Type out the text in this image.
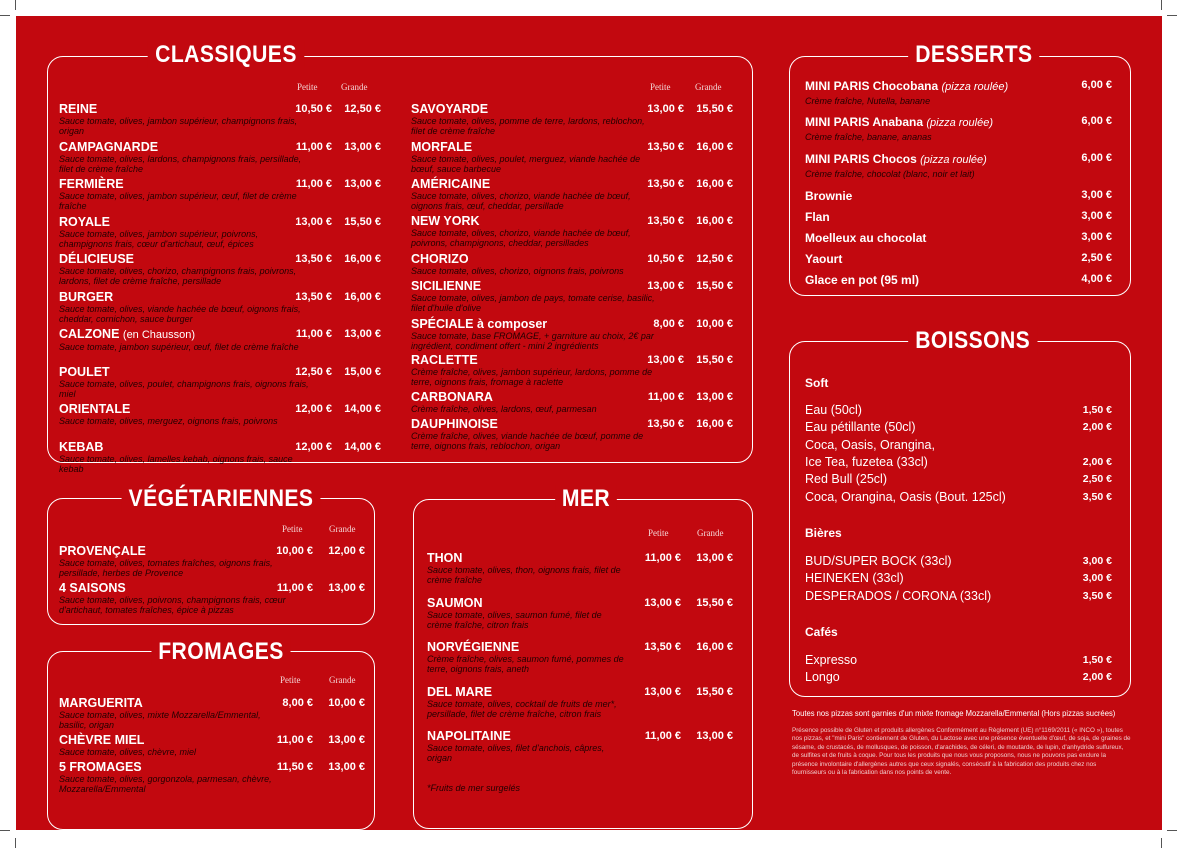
CLASSIQUES
Petite	Grande	Petite	Grande
REINE
Sauce tomate, olives, jambon supérieur, champignons frais, origan
10,50 € 12,50 €
CAMPAGNARDE
Sauce tomate, olives, lardons, champignons frais, persillade, filet de crème fraîche
11,00 € 13,00 €
FERMIÈRE
Sauce tomate, olives, jambon supérieur, œuf, filet de crème fraîche
11,00 € 13,00 €
ROYALE
Sauce tomate, olives, jambon supérieur, poivrons, champignons frais, cœur d'artichaut, œuf, épices
13,00 € 15,50 €
DÉLICIEUSE
Sauce tomate, olives, chorizo, champignons frais, poivrons, lardons, filet de crème fraîche, persillade
13,50 € 16,00 €
BURGER
Sauce tomate, olives, viande hachée de bœuf, oignons frais, cheddar, cornichon, sauce burger
13,50 € 16,00 €
CALZONE (en Chausson)
Sauce tomate, jambon supérieur, œuf, filet de crème fraîche
11,00 € 13,00 €
POULET
Sauce tomate, olives, poulet, champignons frais, oignons frais, miel
12,50 € 15,00 €
ORIENTALE
Sauce tomate, olives, merguez, oignons frais, poivrons
12,00 € 14,00 €
KEBAB
Sauce tomate, olives, lamelles kebab, oignons frais, sauce kebab
12,00 € 14,00 €
SAVOYARDE
Sauce tomate, olives, pomme de terre, lardons, reblochon, filet de crème fraîche
13,00 € 15,50 €
MORFALE
Sauce tomate, olives, poulet, merguez, viande hachée de bœuf, sauce barbecue
13,50 € 16,00 €
AMÉRICAINE
Sauce tomate, olives, chorizo, viande hachée de bœuf, oignons frais, œuf, cheddar, persillade
13,50 € 16,00 €
NEW YORK
Sauce tomate, olives, chorizo, viande hachée de bœuf, poivrons, champignons, cheddar, persillades
13,50 € 16,00 €
CHORIZO
Sauce tomate, olives, chorizo, oignons frais, poivrons
10,50 € 12,50 €
SICILIENNE
Sauce tomate, olives, jambon de pays, tomate cerise, basilic, filet d'huile d'olive
13,00 € 15,50 €
SPÉCIALE à composer
Sauce tomate, base FROMAGE, + garniture au choix, 2€ par ingrédient, condiment offert - mini 2 ingrédients
8,00 € 10,00 €
RACLETTE
Crème fraîche, olives, jambon supérieur, lardons, pomme de terre, oignons frais, fromage à raclette
13,00 € 15,50 €
CARBONARA
Crème fraîche, olives, lardons, œuf, parmesan
11,00 € 13,00 €
DAUPHINOISE
Crème fraîche, olives, viande hachée de bœuf, pomme de terre, oignons frais, reblochon, origan
13,50 € 16,00 €
VÉGÉTARIENNES
Petite	Grande
PROVENÇALE
Sauce tomate, olives, tomates fraîches, oignons frais, persillade, herbes de Provence
10,00 € 12,00 €
4 SAISONS
Sauce tomate, olives, poivrons, champignons frais, cœur d'artichaut, tomates fraîches, épice à pizzas
11,00 € 13,00 €
FROMAGES
Petite	Grande
MARGUERITA
Sauce tomate, olives, mixte Mozzarella/Emmental, basilic, origan
8,00 € 10,00 €
CHÈVRE MIEL
Sauce tomate, olives, chèvre, miel
11,00 € 13,00 €
5 FROMAGES
Sauce tomate, olives, gorgonzola, parmesan, chèvre, Mozzarella/Emmental
11,50 € 13,00 €
MER
Petite	Grande
THON
Sauce tomate, olives, thon, oignons frais, filet de crème fraîche
11,00 € 13,00 €
SAUMON
Sauce tomate, olives, saumon fumé, filet de crème fraîche, citron frais
13,00 € 15,50 €
NORVÉGIENNE
Crème fraîche, olives, saumon fumé, pommes de terre, oignons frais, aneth
13,50 € 16,00 €
DEL MARE
Sauce tomate, olives, cocktail de fruits de mer*, persillade, filet de crème fraîche, citron frais
13,00 € 15,50 €
NAPOLITAINE
Sauce tomate, olives, filet d'anchois, câpres, origan
11,00 € 13,00 €
*Fruits de mer surgelés
DESSERTS
MINI PARIS Chocobana (pizza roulée)
Crème fraîche, Nutella, banane
6,00 €
MINI PARIS Anabana (pizza roulée)
Crème fraîche, banane, ananas
6,00 €
MINI PARIS Chocos (pizza roulée)
Crème fraîche, chocolat (blanc, noir et lait)
6,00 €
Brownie	3,00 €
Flan	3,00 €
Moelleux au chocolat	3,00 €
Yaourt	2,50 €
Glace en pot (95 ml)	4,00 €
BOISSONS
Soft
Eau (50cl)	1,50 €
Eau pétillante (50cl)	2,00 €
Coca, Oasis, Orangina,
Ice Tea, fuzetea (33cl)	2,00 €
Red Bull (25cl)	2,50 €
Coca, Orangina, Oasis (Bout. 125cl)	3,50 €
Bières
BUD/SUPER BOCK (33cl)	3,00 €
HEINEKEN (33cl)	3,00 €
DESPERADOS / CORONA (33cl)	3,50 €
Cafés
Expresso	1,50 €
Longo	2,00 €
Toutes nos pizzas sont garnies d'un mixte fromage Mozzarella/Emmental (Hors pizzas sucrées)
Présence possible de Gluten et produits allergènes Conformément au Règlement (UE) n°1169/2011 (« INCO »), toutes nos pizzas, et "mini Paris" contiennent de Gluten, du Lactose avec une présence éventuelle d'œuf, de soja, de graines de sésame, de crustacés, de mollusques, de poisson, d'arachides, de céleri, de moutarde, de lupin, d'anhydride sulfureux, de sulfites et de fruits à coque. Pour tous les produits que nous vous proposons, nous ne pouvons pas exclure la présence involontaire d'allergènes autres que ceux signalés, consécutif à la fabrication des produits chez nos fournisseurs ou à la fabrication dans nos points de vente.
